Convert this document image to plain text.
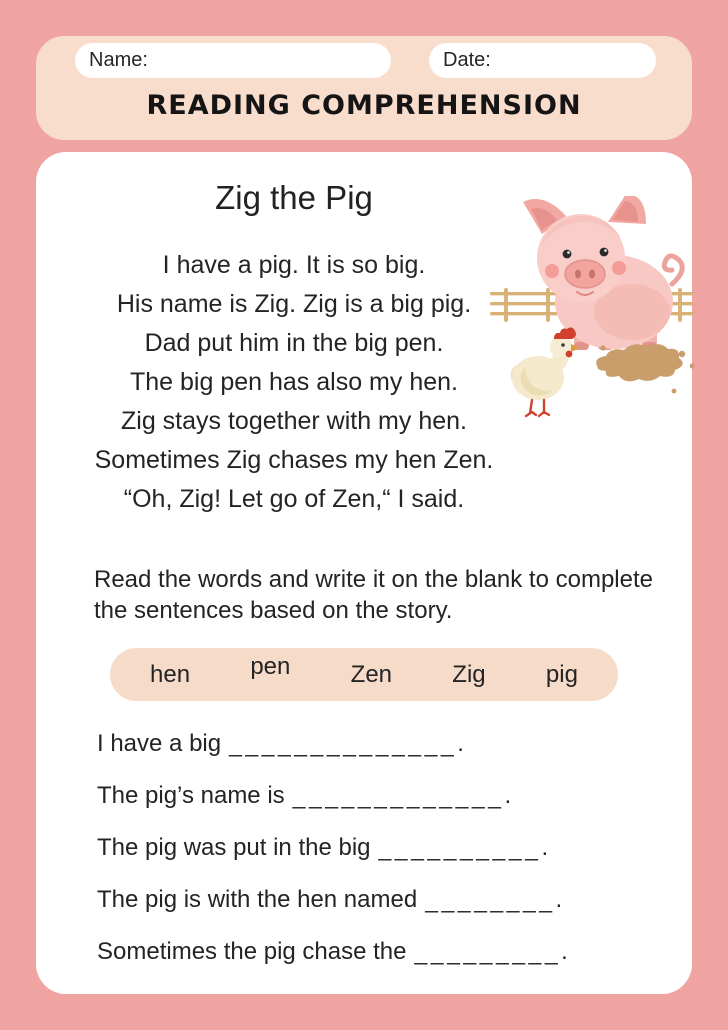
Name:	Date:
READING COMPREHENSION
Zig the Pig
I have a pig. It is so big.
His name is Zig. Zig is a big pig.
Dad put him in the big pen.
The big pen has also my hen.
Zig stays together with my hen.
Sometimes Zig chases my hen Zen.
“Oh, Zig! Let go of Zen,“ I said.
Read the words and write it on the blank to complete the sentences based on the story.
hen	pen	Zen	Zig	pig
I have a big ______________ .
The pig’s name is _____________ .
The pig was put in the big __________ .
The pig is with the hen named ________ .
Sometimes the pig chase the _________ .
